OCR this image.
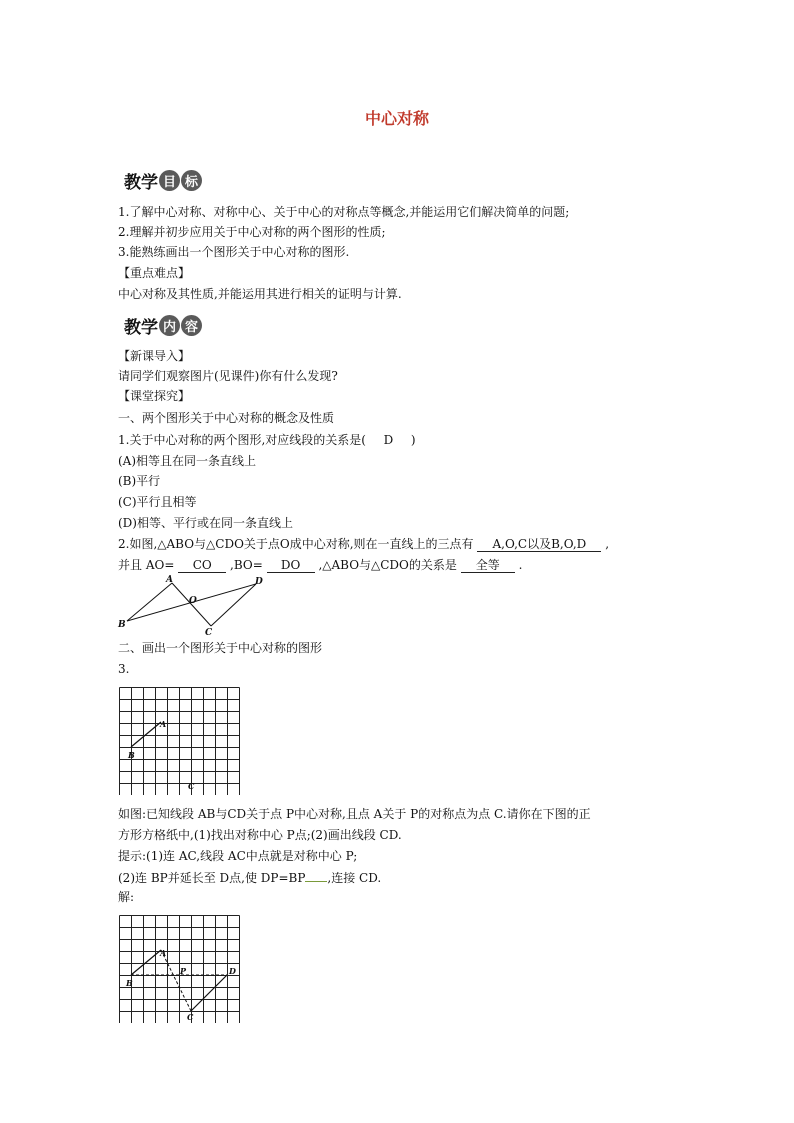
中心对称
教学 目 标
1.了解中心对称、对称中心、关于中心的对称点等概念,并能运用它们解决简单的问题;
2.理解并初步应用关于中心对称的两个图形的性质;
3.能熟练画出一个图形关于中心对称的图形.
【重点难点】
中心对称及其性质,并能运用其进行相关的证明与计算.
教学 内 容
【新课导入】
请同学们观察图片(见课件)你有什么发现?
【课堂探究】
一、两个图形关于中心对称的概念及性质
1.关于中心对称的两个图形,对应线段的关系是( D )
(A)相等且在同一条直线上
(B)平行
(C)平行且相等
(D)相等、平行或在同一条直线上
2.如图,△ABO与△CDO关于点O成中心对称,则在一直线上的三点有 A,O,C以及B,O,D ,
并且 AO= CO ,BO= DO ,△ABO与△CDO的关系是 全等 .
A
B
C
D
O
二、画出一个图形关于中心对称的图形
3.
A
B
C
如图:已知线段 AB与CD关于点 P中心对称,且点 A关于 P的对称点为点 C.请你在下图的正
方形方格纸中,(1)找出对称中心 P点;(2)画出线段 CD.
提示:(1)连 AC,线段 AC中点就是对称中心 P;
(2)连 BP并延长至 D点,使 DP=BP ,连接 CD.
解:
A
B
C
D
P
